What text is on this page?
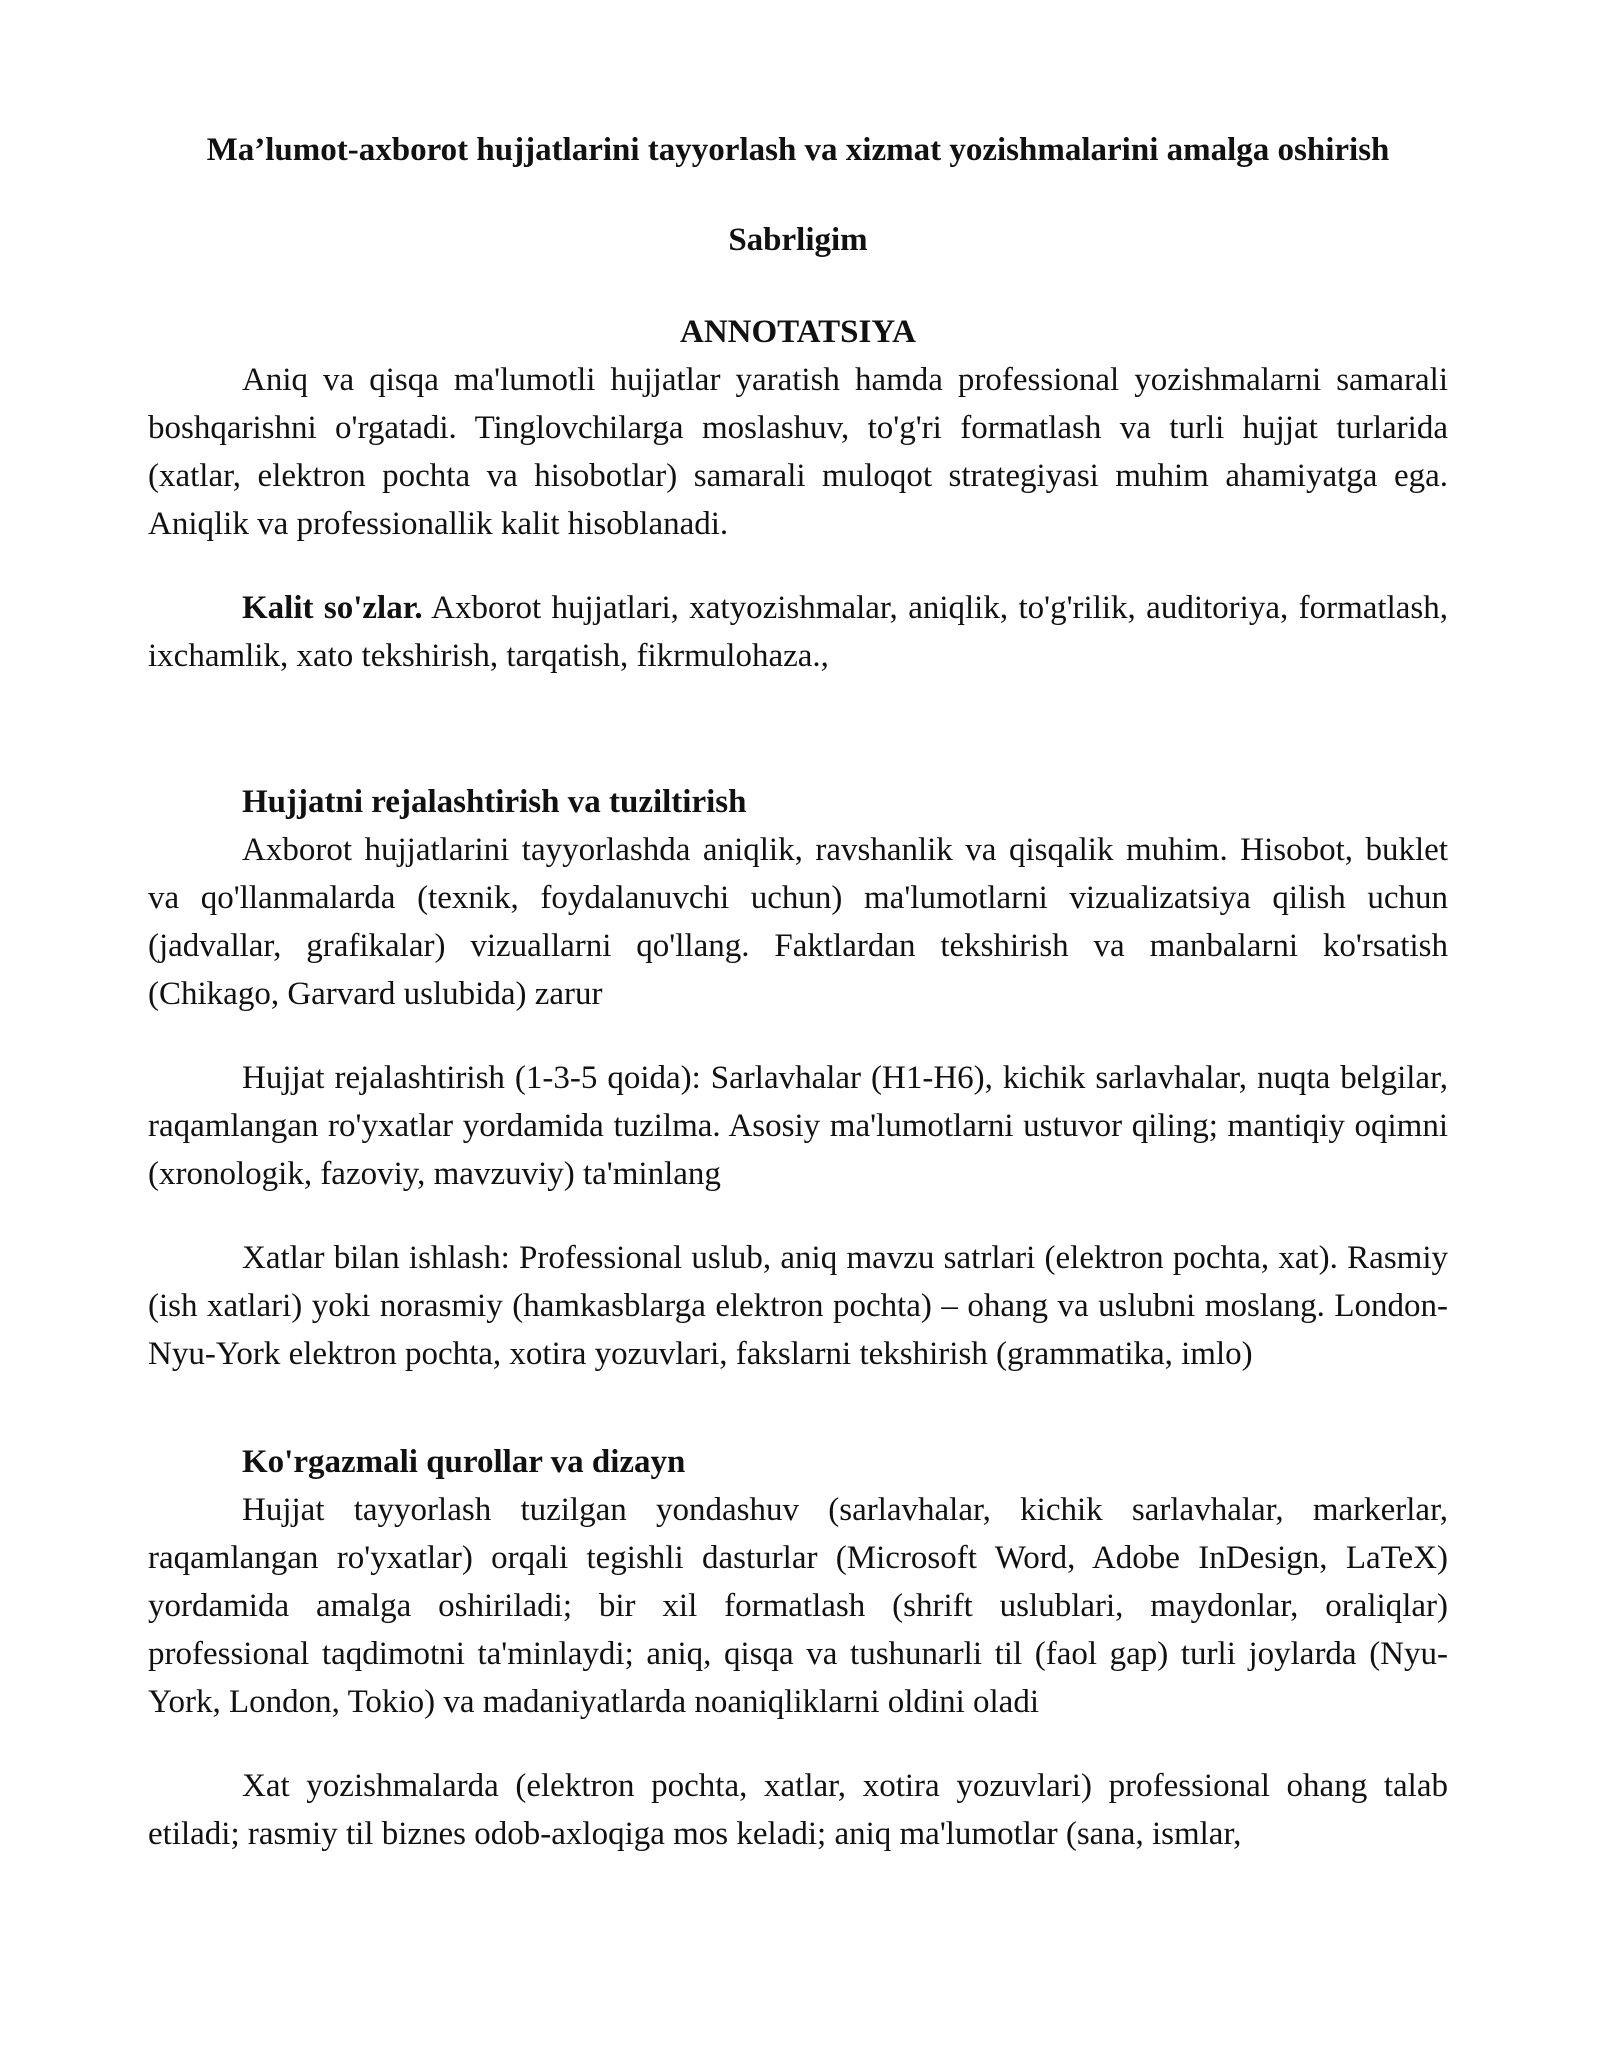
Ma’lumot-axborot hujjatlarini tayyorlash va xizmat yozishmalarini amalga oshirish
Sabrligim
ANNOTATSIYA

Aniq va qisqa ma'lumotli hujjatlar yaratish hamda professional yozishmalarni samarali boshqarishni o'rgatadi. Tinglovchilarga moslashuv, to'g'ri formatlash va turli hujjat turlarida (xatlar, elektron pochta va hisobotlar) samarali muloqot strategiyasi muhim ahamiyatga ega. Aniqlik va professionallik kalit hisoblanadi.

Kalit so'zlar. Axborot hujjatlari, xatyozishmalar, aniqlik, to'g'rilik, auditoriya, formatlash, ixchamlik, xato tekshirish, tarqatish, fikrmulohaza.,

Hujjatni rejalashtirish va tuziltirish

Axborot hujjatlarini tayyorlashda aniqlik, ravshanlik va qisqalik muhim. Hisobot, buklet va qo'llanmalarda (texnik, foydalanuvchi uchun) ma'lumotlarni vizualizatsiya qilish uchun (jadvallar, grafikalar) vizuallarni qo'llang. Faktlardan tekshirish va manbalarni ko'rsatish (Chikago, Garvard uslubida) zarur

Hujjat rejalashtirish (1-3-5 qoida): Sarlavhalar (H1-H6), kichik sarlavhalar, nuqta belgilar, raqamlangan ro'yxatlar yordamida tuzilma. Asosiy ma'lumotlarni ustuvor qiling; mantiqiy oqimni (xronologik, fazoviy, mavzuviy) ta'minlang

Xatlar bilan ishlash: Professional uslub, aniq mavzu satrlari (elektron pochta, xat). Rasmiy (ish xatlari) yoki norasmiy (hamkasblarga elektron pochta) – ohang va uslubni moslang. London-Nyu-York elektron pochta, xotira yozuvlari, fakslarni tekshirish (grammatika, imlo)

Ko'rgazmali qurollar va dizayn

Hujjat tayyorlash tuzilgan yondashuv (sarlavhalar, kichik sarlavhalar, markerlar, raqamlangan ro'yxatlar) orqali tegishli dasturlar (Microsoft Word, Adobe InDesign, LaTeX) yordamida amalga oshiriladi; bir xil formatlash (shrift uslublari, maydonlar, oraliqlar) professional taqdimotni ta'minlaydi; aniq, qisqa va tushunarli til (faol gap) turli joylarda (Nyu-York, London, Tokio) va madaniyatlarda noaniqliklarni oldini oladi

Xat yozishmalarda (elektron pochta, xatlar, xotira yozuvlari) professional ohang talab etiladi; rasmiy til biznes odob-axloqiga mos keladi; aniq ma'lumotlar (sana, ismlar,
